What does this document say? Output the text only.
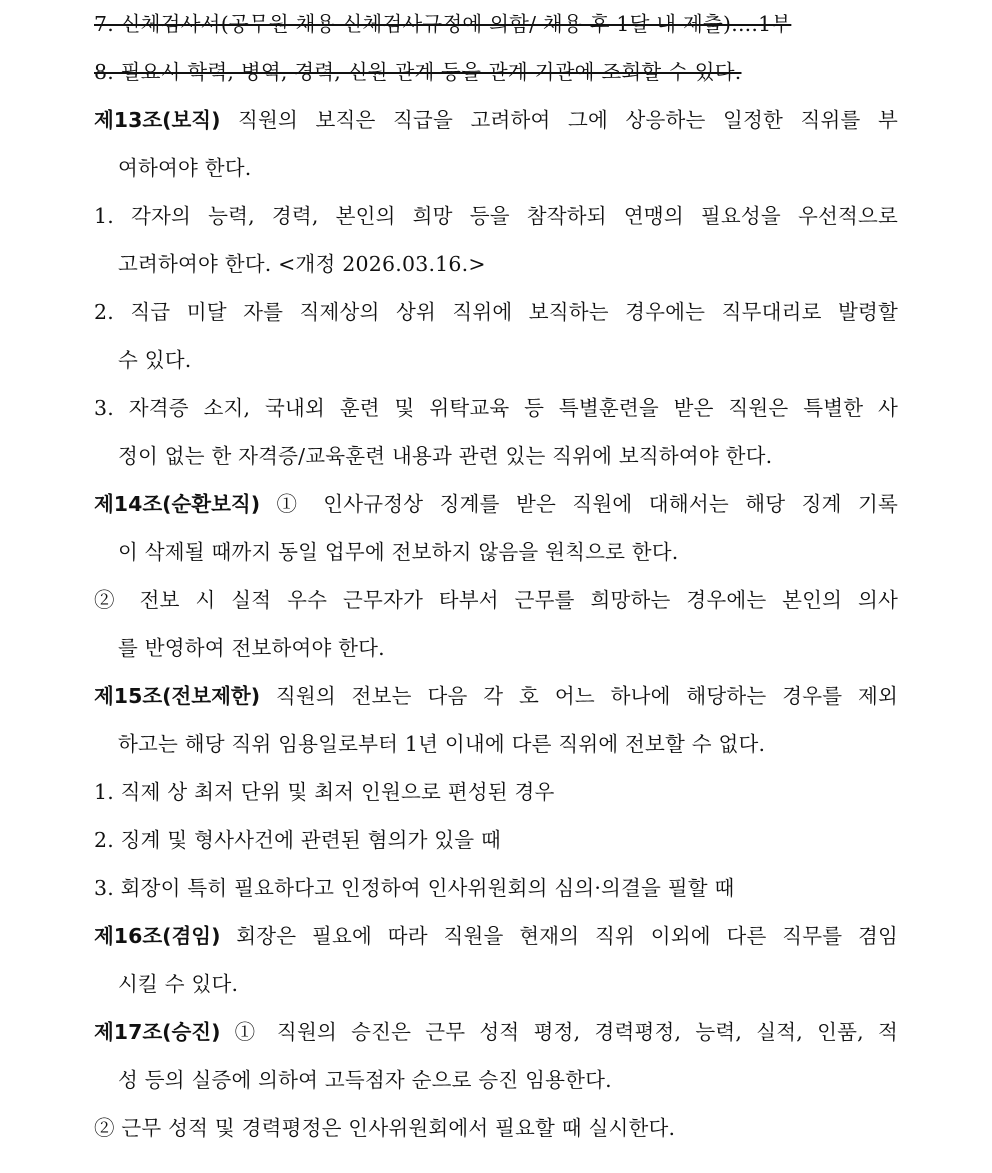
7. 신체검사서(공무원 채용 신체검사규정에 의함/ 채용 후 1달 내 제출)....1부
8. 필요시 학력, 병역, 경력, 신원 관계 등을 관계 기관에 조회할 수 있다.
제13조(보직) 직원의 보직은 직급을 고려하여 그에 상응하는 일정한 직위를 부
여하여야 한다.
1. 각자의 능력, 경력, 본인의 희망 등을 참작하되 연맹의 필요성을 우선적으로
고려하여야 한다. <개정 2026.03.16.>
2. 직급 미달 자를 직제상의 상위 직위에 보직하는 경우에는 직무대리로 발령할
수 있다.
3. 자격증 소지, 국내외 훈련 및 위탁교육 등 특별훈련을 받은 직원은 특별한 사
정이 없는 한 자격증/교육훈련 내용과 관련 있는 직위에 보직하여야 한다.
제14조(순환보직) ① 인사규정상 징계를 받은 직원에 대해서는 해당 징계 기록
이 삭제될 때까지 동일 업무에 전보하지 않음을 원칙으로 한다.
② 전보 시 실적 우수 근무자가 타부서 근무를 희망하는 경우에는 본인의 의사
를 반영하여 전보하여야 한다.
제15조(전보제한) 직원의 전보는 다음 각 호 어느 하나에 해당하는 경우를 제외
하고는 해당 직위 임용일로부터 1년 이내에 다른 직위에 전보할 수 없다.
1. 직제 상 최저 단위 및 최저 인원으로 편성된 경우
2. 징계 및 형사사건에 관련된 혐의가 있을 때
3. 회장이 특히 필요하다고 인정하여 인사위원회의 심의·의결을 필할 때
제16조(겸임) 회장은 필요에 따라 직원을 현재의 직위 이외에 다른 직무를 겸임
시킬 수 있다.
제17조(승진) ① 직원의 승진은 근무 성적 평정, 경력평정, 능력, 실적, 인품, 적
성 등의 실증에 의하여 고득점자 순으로 승진 임용한다.
② 근무 성적 및 경력평정은 인사위원회에서 필요할 때 실시한다.
